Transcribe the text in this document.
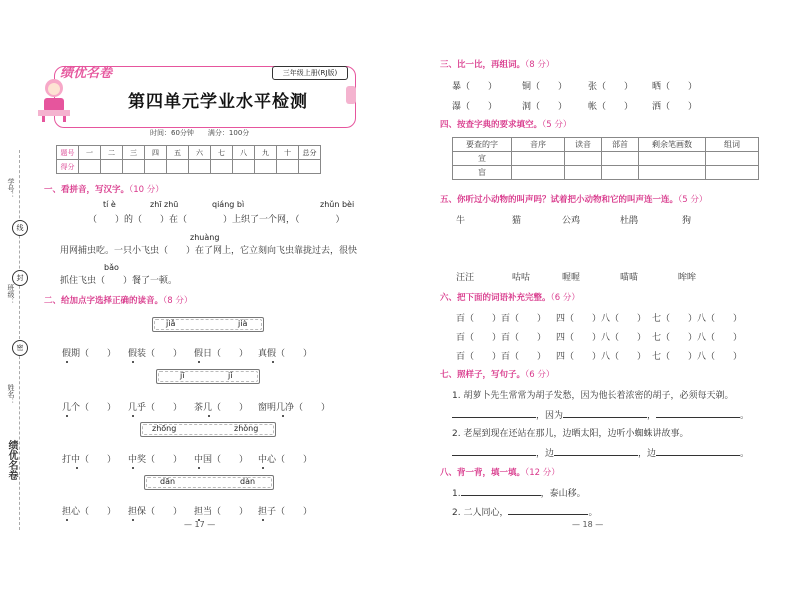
学号：
线
班级：
封
密
姓名：
绩优名卷
绩优名卷	三年级上册(RJ版)
第四单元学业水平检测
时间：60分钟　　满分：100分
题号	一	二	三	四	五	六	七	八	九	十	总分
得分											
一、看拼音，写汉字。（10 分）
tí è	zhī zhū	qiáng bì	zhǔn bèi
（　　）的（　　）在（　　　　）上织了一个网，（　　　　）
zhuàng
用网捕虫吃。一只小飞虫（　　）在了网上，它立刻向飞虫靠拢过去，很快
bǎo
抓住飞虫（　　）餐了一顿。
二、给加点字选择正确的读音。（8 分）
jiǎ	jià
假期（　　） 假装（　　） 假日（　　） 真假（　　）
jī	jǐ
几个（　　） 几乎（　　） 茶几（　　） 窗明几净（　　）
zhōng	zhòng
打中（　　） 中奖（　　） 中国（　　） 中心（　　）
dān	dàn
担心（　　） 担保（　　） 担当（　　） 担子（　　）
— 17 —
三、比一比，再组词。（8 分）
暴（　　）	铜（　　） 张（　　） 晒（　　）
瀑（　　）	洞（　　） 帐（　　） 洒（　　）
四、按查字典的要求填空。（5 分）
要查的字	音序	读音	部首	剩余笔画数	组词
宣					
盲					
五、你听过小动物的叫声吗？试着把小动物和它的叫声连一连。（5 分）
牛	猫	公鸡	杜鹃	狗
汪汪	咕咕	喔喔	喵喵	哞哞
六、把下面的词语补充完整。（6 分）
百（　　）百（　　） 四（　　）八（　　） 七（　　）八（　　）
百（　　）百（　　） 四（　　）八（　　） 七（　　）八（　　）
百（　　）百（　　） 四（　　）八（　　） 七（　　）八（　　）
七、照样子，写句子。（6 分）
1. 胡萝卜先生常常为胡子发愁，因为他长着浓密的胡子，必须每天剃。
，因为	，	。
2. 老屋到现在还站在那儿，边晒太阳，边听小蜘蛛讲故事。
，边	，边	。
八、背一背，填一填。（12 分）
1.	，泰山移。
2. 二人同心，	。
— 18 —
